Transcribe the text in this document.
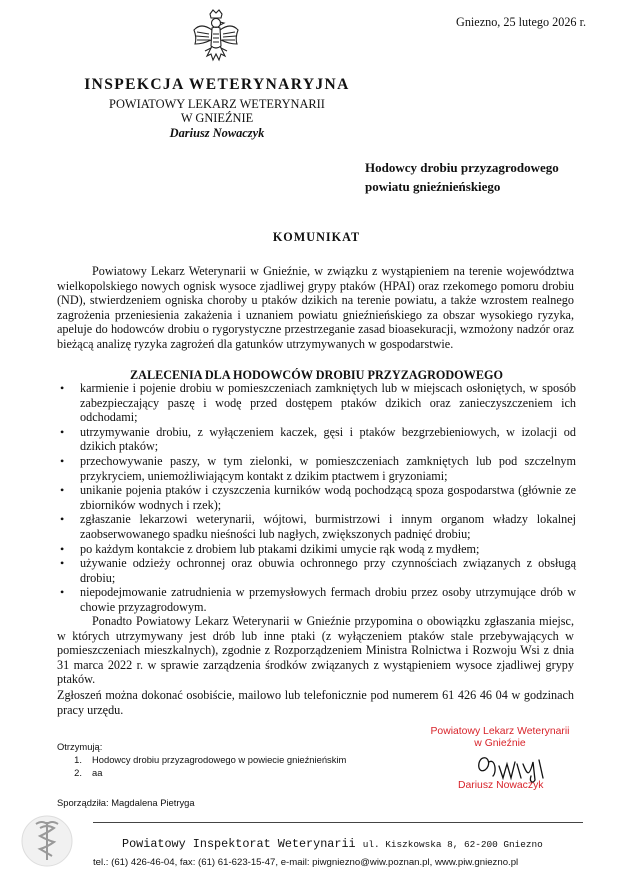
Gniezno, 25 lutego 2026 r.
INSPEKCJA WETERYNARYJNA
POWIATOWY LEKARZ WETERYNARII
W GNIEŹNIE
Dariusz Nowaczyk
Hodowcy drobiu przyzagrodowego
powiatu gnieźnieńskiego
KOMUNIKAT

Powiatowy Lekarz Weterynarii w Gnieźnie, w związku z wystąpieniem na terenie województwa wielkopolskiego nowych ognisk wysoce zjadliwej grypy ptaków (HPAI) oraz rzekomego pomoru drobiu (ND), stwierdzeniem ogniska choroby u ptaków dzikich na terenie powiatu, a także wzrostem realnego zagrożenia przeniesienia zakażenia i uznaniem powiatu gnieźnieńskiego za obszar wysokiego ryzyka, apeluje do hodowców drobiu o rygorystyczne przestrzeganie zasad bioasekuracji, wzmożony nadzór oraz bieżącą analizę ryzyka zagrożeń dla gatunków utrzymywanych w gospodarstwie.

ZALECENIA DLA HODOWCÓW DROBIU PRZYZAGRODOWEGO
• karmienie i pojenie drobiu w pomieszczeniach zamkniętych lub w miejscach osłoniętych, w sposób zabezpieczający paszę i wodę przed dostępem ptaków dzikich oraz zanieczyszczeniem ich odchodami;
• utrzymywanie drobiu, z wyłączeniem kaczek, gęsi i ptaków bezgrzebieniowych, w izolacji od dzikich ptaków;
• przechowywanie paszy, w tym zielonki, w pomieszczeniach zamkniętych lub pod szczelnym przykryciem, uniemożliwiającym kontakt z dzikim ptactwem i gryzoniami;
• unikanie pojenia ptaków i czyszczenia kurników wodą pochodzącą spoza gospodarstwa (głównie ze zbiorników wodnych i rzek);
• zgłaszanie lekarzowi weterynarii, wójtowi, burmistrzowi i innym organom władzy lokalnej zaobserwowanego spadku nieśności lub nagłych, zwiększonych padnięć drobiu;
• po każdym kontakcie z drobiem lub ptakami dzikimi umycie rąk wodą z mydłem;
• używanie odzieży ochronnej oraz obuwia ochronnego przy czynnościach związanych z obsługą drobiu;
• niepodejmowanie zatrudnienia w przemysłowych fermach drobiu przez osoby utrzymujące drób w chowie przyzagrodowym.

Ponadto Powiatowy Lekarz Weterynarii w Gnieźnie przypomina o obowiązku zgłaszania miejsc, w których utrzymywany jest drób lub inne ptaki (z wyłączeniem ptaków stale przebywających w pomieszczeniach mieszkalnych), zgodnie z Rozporządzeniem Ministra Rolnictwa i Rozwoju Wsi z dnia 31 marca 2022 r. w sprawie zarządzenia środków związanych z wystąpieniem wysoce zjadliwej grypy ptaków.

Zgłoszeń można dokonać osobiście, mailowo lub telefonicznie pod numerem 61 426 46 04 w godzinach pracy urzędu.

Powiatowy Lekarz Weterynarii
w Gnieźnie
Dariusz Nowaczyk
Otrzymują:
1.	Hodowcy drobiu przyzagrodowego w powiecie gnieźnieńskim
2.	aa
Sporządziła: Magdalena Pietryga
Powiatowy Inspektorat Weterynarii ul. Kiszkowska 8, 62-200 Gniezno
tel.: (61) 426-46-04, fax: (61) 61-623-15-47, e-mail: piwgniezno@wiw.poznan.pl, www.piw.gniezno.pl
